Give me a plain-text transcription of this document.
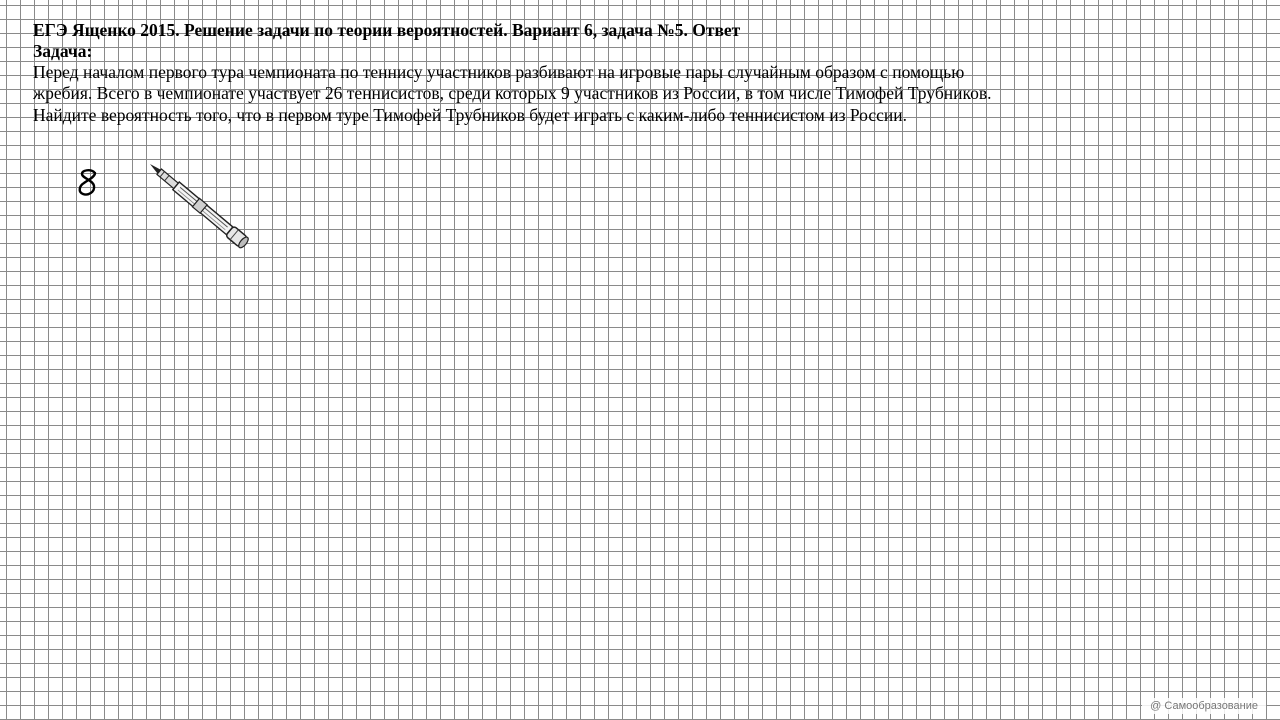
ЕГЭ Ященко 2015. Решение задачи по теории вероятностей. Вариант 6, задача №5. Ответ

Задача:

Перед началом первого тура чемпионата по теннису участников разбивают на игровые пары случайным образом с помощью жребия. Всего в чемпионате участвует 26 теннисистов, среди которых 9 участников из России, в том числе Тимофей Трубников. Найдите вероятность того, что в первом туре Тимофей Трубников будет играть с каким-либо теннисистом из России.

@ Самообразование
